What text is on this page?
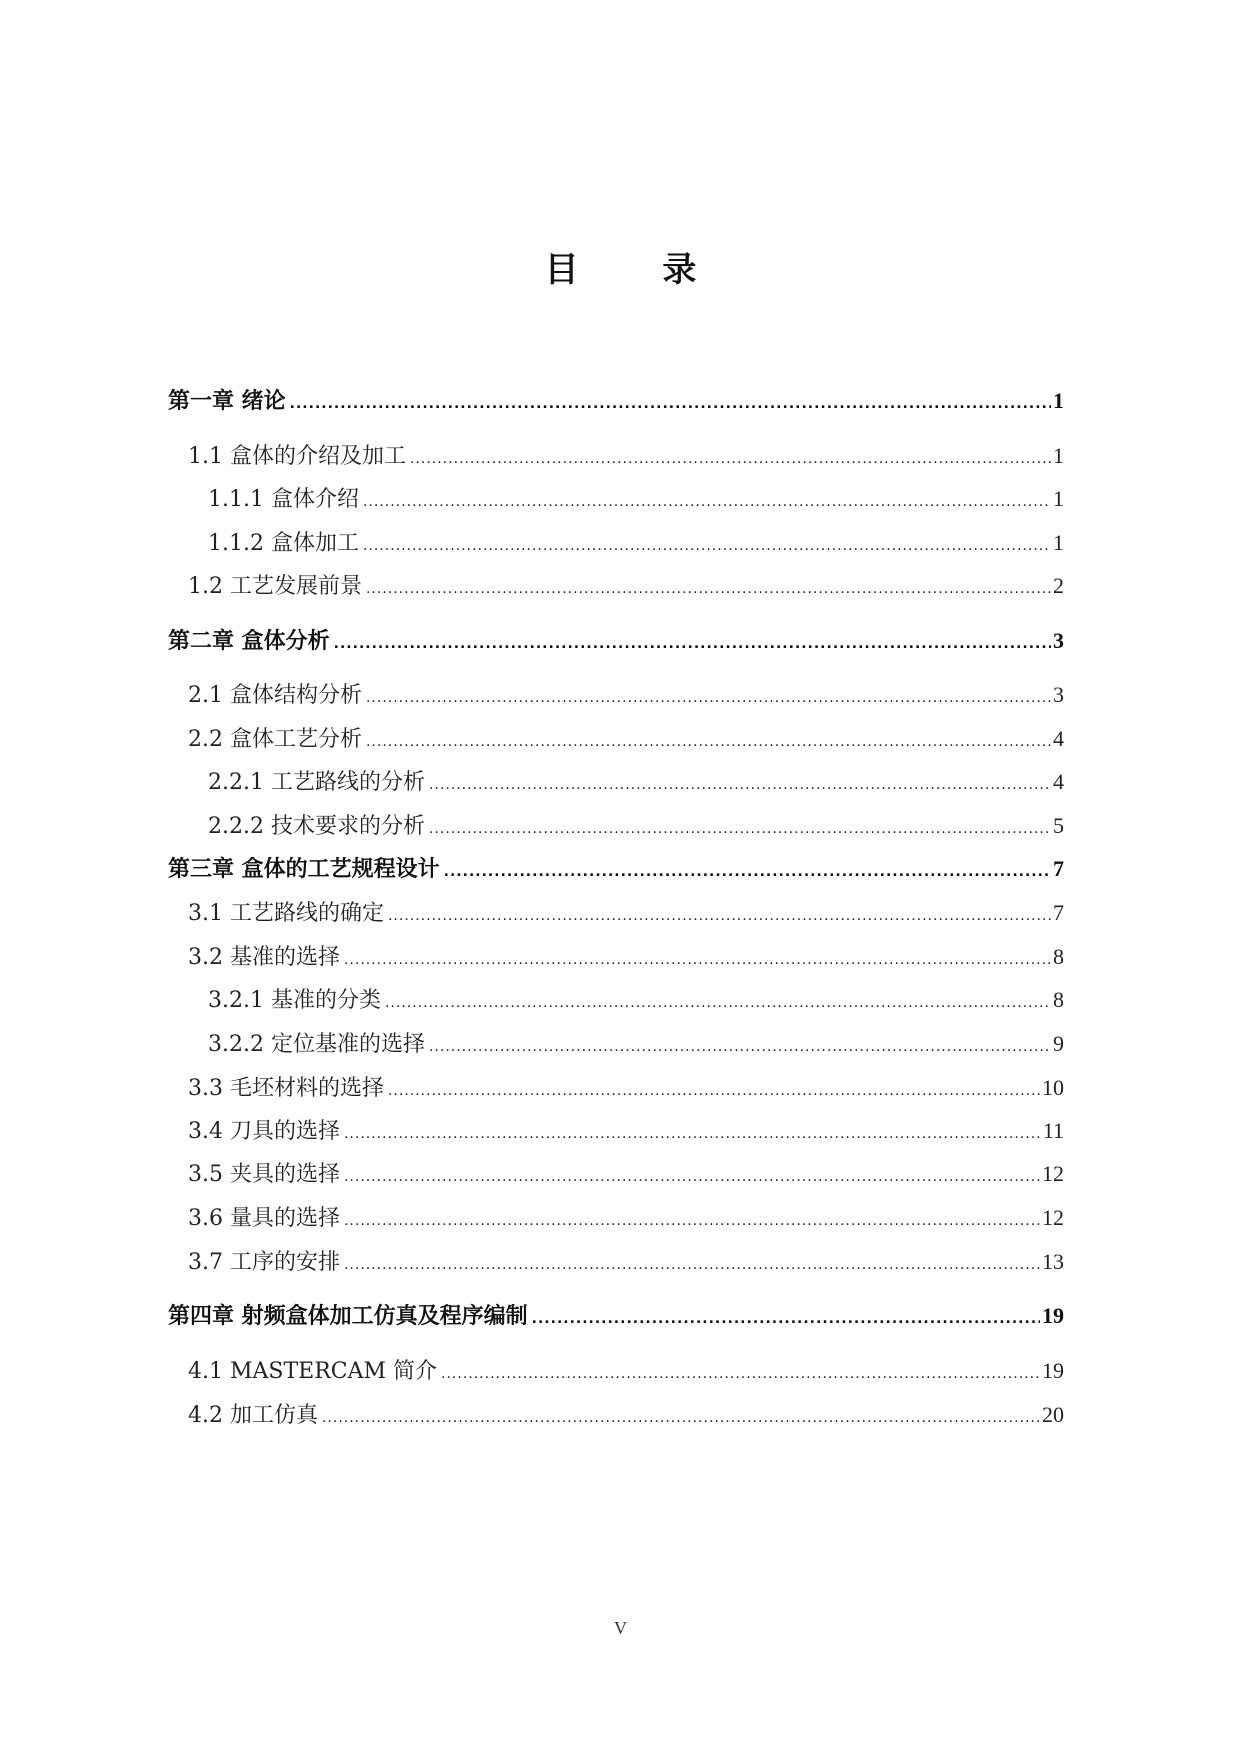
目 录
第一章 绪论 .....	1
1.1 盒体的介绍及加工 .....	1
1.1.1 盒体介绍 .....	1
1.1.2 盒体加工 .....	1
1.2 工艺发展前景 .....	2
第二章 盒体分析 .....	3
2.1 盒体结构分析 .....	3
2.2 盒体工艺分析 .....	4
2.2.1 工艺路线的分析 .....	4
2.2.2 技术要求的分析 .....	5
第三章 盒体的工艺规程设计 .....	7
3.1 工艺路线的确定 .....	7
3.2 基准的选择 .....	8
3.2.1 基准的分类 .....	8
3.2.2 定位基准的选择 .....	9
3.3 毛坯材料的选择 .....	10
3.4 刀具的选择 .....	11
3.5 夹具的选择 .....	12
3.6 量具的选择 .....	12
3.7 工序的安排 .....	13
第四章 射频盒体加工仿真及程序编制 .....	19
4.1 MASTERCAM 简介 .....	19
4.2 加工仿真 .....	20
V
